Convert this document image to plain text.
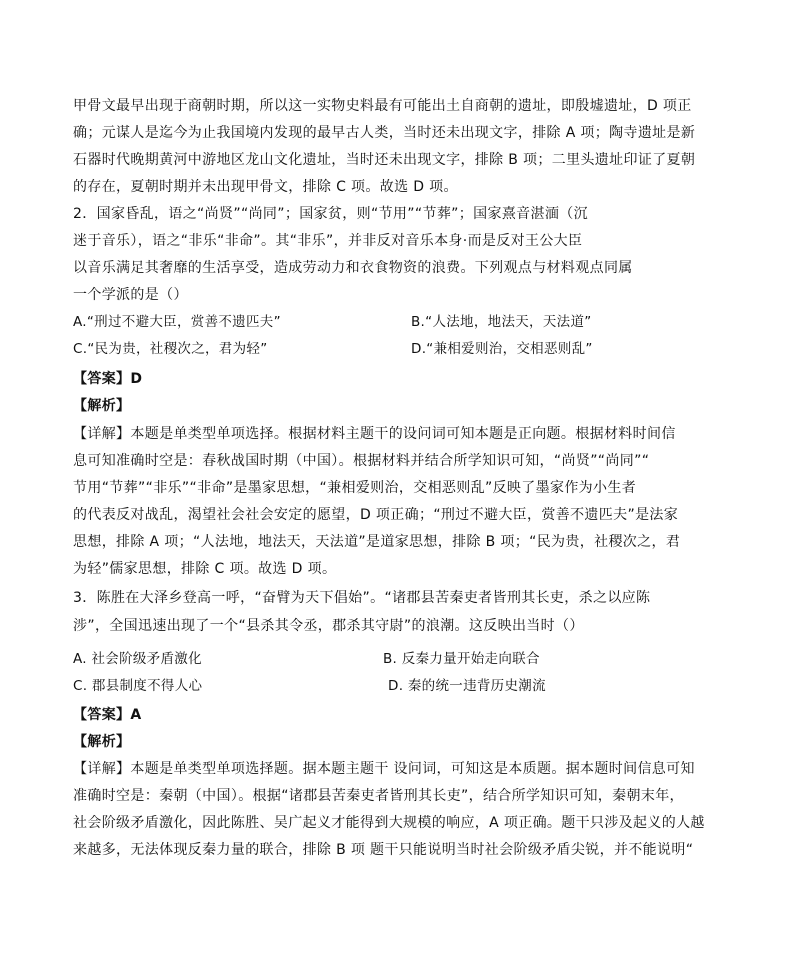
甲骨文最早出现于商朝时期，所以这一实物史料最有可能出土自商朝的遗址，即殷墟遗址，D 项正
确；元谋人是迄今为止我国境内发现的最早古人类，当时还未出现文字，排除 A 项；陶寺遗址是新
石器时代晚期黄河中游地区龙山文化遗址，当时还未出现文字，排除 B 项；二里头遗址印证了夏朝
的存在，夏朝时期并未出现甲骨文，排除 C 项。故选 D 项。
2．国家昏乱，语之“尚贤”“尚同”；国家贫，则“节用”“节葬”；国家熹音湛湎（沉
迷于音乐），语之“非乐“非命”。其“非乐”，并非反对音乐本身·而是反对王公大臣
以音乐满足其奢靡的生活享受，造成劳动力和衣食物资的浪费。下列观点与材料观点同属
一个学派的是（）
A.“刑过不避大臣，赏善不遗匹夫”	B.“人法地，地法天，天法道”
C.“民为贵，社稷次之，君为轻”	D.“兼相爱则治，交相恶则乱”
【答案】D
【解析】
【详解】本题是单类型单项选择。根据材料主题干的设问词可知本题是正向题。根据材料时间信
息可知准确时空是：春秋战国时期（中国）。根据材料并结合所学知识可知，“尚贤”“尚同”“
节用“节葬”“非乐”“非命”是墨家思想，“兼相爱则治，交相恶则乱”反映了墨家作为小生者
的代表反对战乱，渴望社会社会安定的愿望，D 项正确；“刑过不避大臣，赏善不遗匹夫”是法家
思想，排除 A 项；“人法地，地法天，天法道”是道家思想，排除 B 项；“民为贵，社稷次之，君
为轻”儒家思想，排除 C 项。故选 D 项。
3．陈胜在大泽乡登高一呼，“奋臂为天下倡始”。“诸郡县苦秦吏者皆刑其长吏，杀之以应陈
涉”，全国迅速出现了一个“县杀其令丞，郡杀其守尉”的浪潮。这反映出当时（）
A. 社会阶级矛盾激化	B. 反秦力量开始走向联合
C. 郡县制度不得人心	D. 秦的统一违背历史潮流
【答案】A
【解析】
【详解】本题是单类型单项选择题。据本题主题干 设问词，可知这是本质题。据本题时间信息可知
准确时空是：秦朝（中国）。根据“诸郡县苦秦吏者皆刑其长吏”，结合所学知识可知，秦朝末年，
社会阶级矛盾激化，因此陈胜、吴广起义才能得到大规模的响应，A 项正确。题干只涉及起义的人越
来越多，无法体现反秦力量的联合，排除 B 项 题干只能说明当时社会阶级矛盾尖锐，并不能说明“
